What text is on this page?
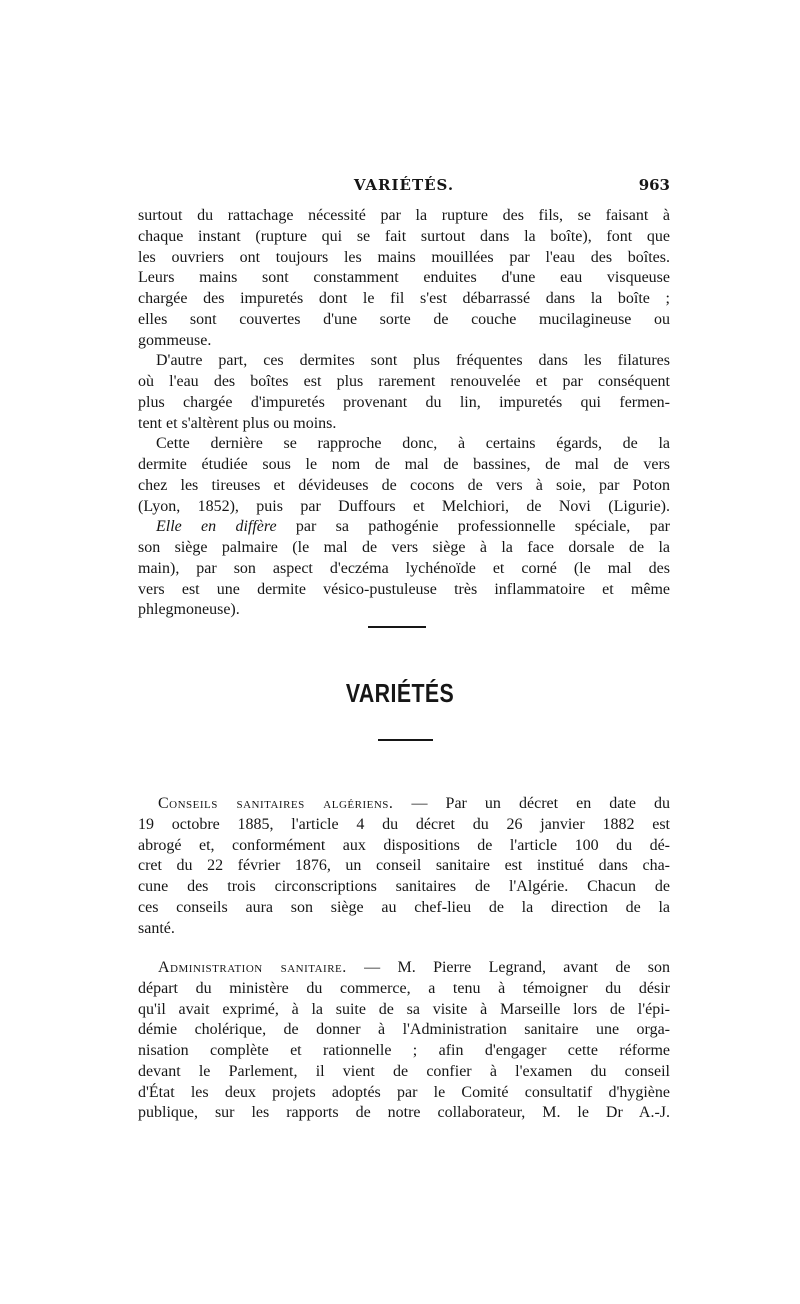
VARIÉTÉS.	963
surtout du rattachage nécessité par la rupture des fils, se faisant à
chaque instant (rupture qui se fait surtout dans la boîte), font que
les ouvriers ont toujours les mains mouillées par l'eau des boîtes.
Leurs mains sont constamment enduites d'une eau visqueuse
chargée des impuretés dont le fil s'est débarrassé dans la boîte ;
elles sont couvertes d'une sorte de couche mucilagineuse ou
gommeuse.
D'autre part, ces dermites sont plus fréquentes dans les filatures
où l'eau des boîtes est plus rarement renouvelée et par conséquent
plus chargée d'impuretés provenant du lin, impuretés qui fermen-
tent et s'altèrent plus ou moins.
Cette dernière se rapproche donc, à certains égards, de la
dermite étudiée sous le nom de mal de bassines, de mal de vers
chez les tireuses et dévideuses de cocons de vers à soie, par Poton
(Lyon, 1852), puis par Duffours et Melchiori, de Novi (Ligurie).
Elle en diffère par sa pathogénie professionnelle spéciale, par
son siège palmaire (le mal de vers siège à la face dorsale de la
main), par son aspect d'eczéma lychénoïde et corné (le mal des
vers est une dermite vésico-pustuleuse très inflammatoire et même
phlegmoneuse).
VARIÉTÉS
Conseils sanitaires algériens. — Par un décret en date du
19 octobre 1885, l'article 4 du décret du 26 janvier 1882 est
abrogé et, conformément aux dispositions de l'article 100 du dé-
cret du 22 février 1876, un conseil sanitaire est institué dans cha-
cune des trois circonscriptions sanitaires de l'Algérie. Chacun de
ces conseils aura son siège au chef-lieu de la direction de la
santé.
Administration sanitaire. — M. Pierre Legrand, avant de son
départ du ministère du commerce, a tenu à témoigner du désir
qu'il avait exprimé, à la suite de sa visite à Marseille lors de l'épi-
démie cholérique, de donner à l'Administration sanitaire une orga-
nisation complète et rationnelle ; afin d'engager cette réforme
devant le Parlement, il vient de confier à l'examen du conseil
d'État les deux projets adoptés par le Comité consultatif d'hygiène
publique, sur les rapports de notre collaborateur, M. le Dr A.-J.
